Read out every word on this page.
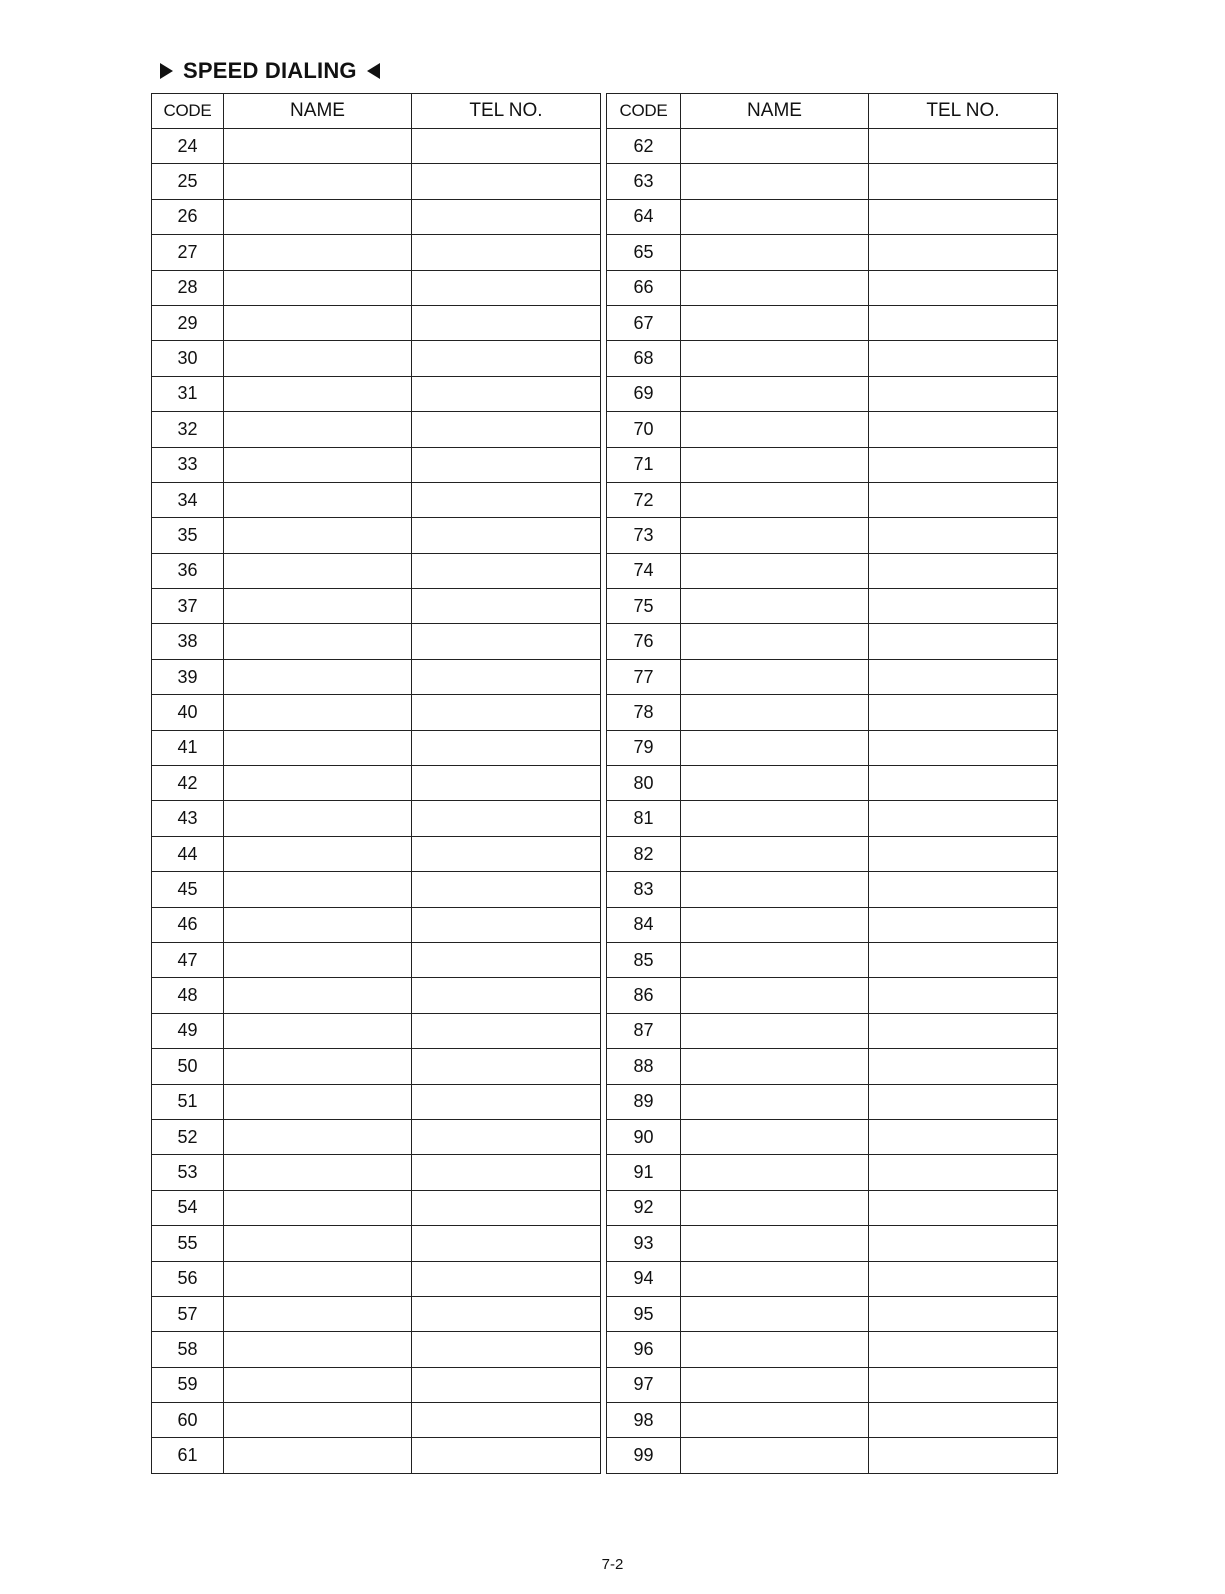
SPEED DIALING
CODE	NAME	TEL NO.
24		
25		
26		
27		
28		
29		
30		
31		
32		
33		
34		
35		
36		
37		
38		
39		
40		
41		
42		
43		
44		
45		
46		
47		
48		
49		
50		
51		
52		
53		
54		
55		
56		
57		
58		
59		
60		
61		
CODE	NAME	TEL NO.
62		
63		
64		
65		
66		
67		
68		
69		
70		
71		
72		
73		
74		
75		
76		
77		
78		
79		
80		
81		
82		
83		
84		
85		
86		
87		
88		
89		
90		
91		
92		
93		
94		
95		
96		
97		
98		
99		
7-2
